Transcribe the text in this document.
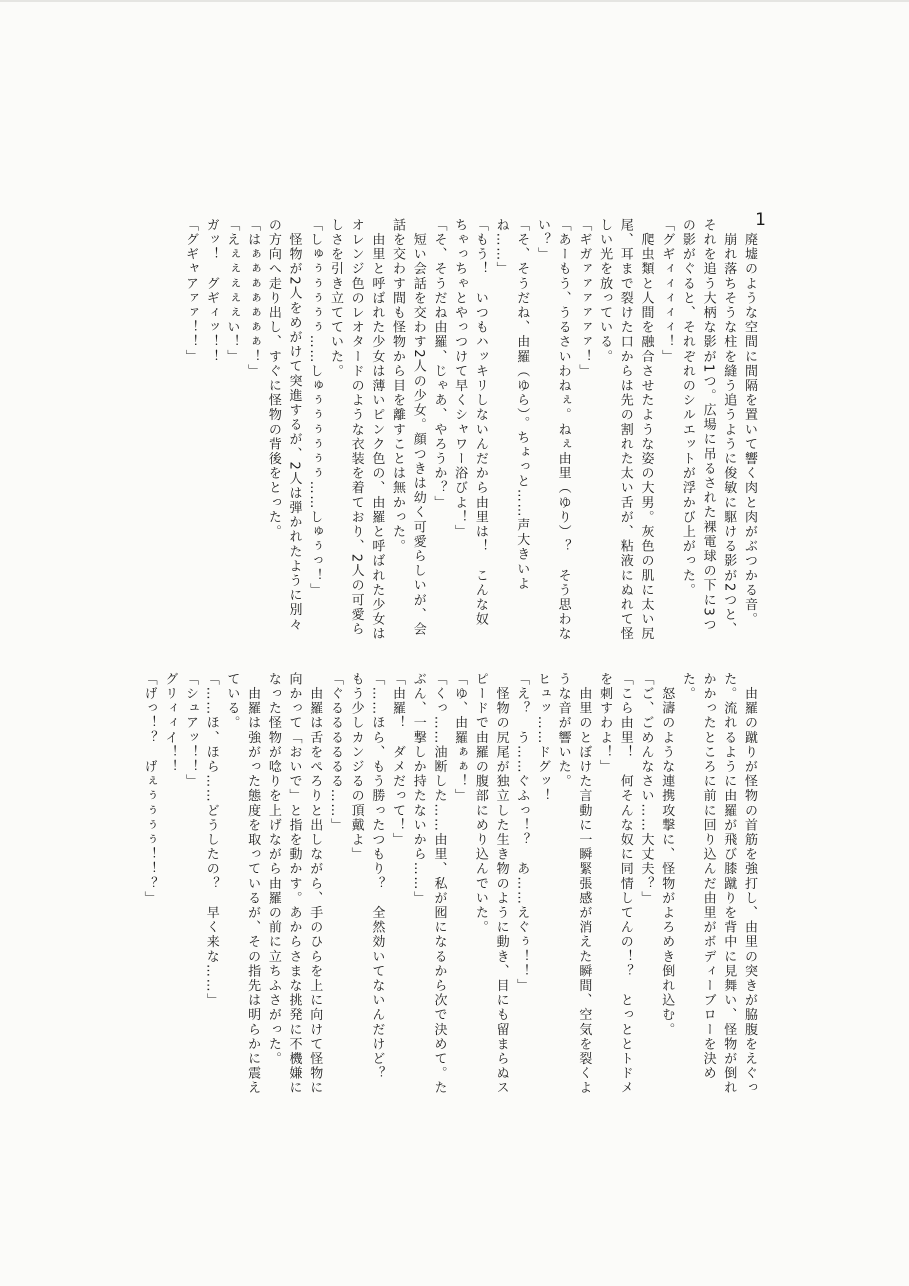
1
　廃墟のような空間に間隔を置いて響く肉と肉がぶつかる音。
　崩れ落ちそうな柱を縫う追うように俊敏に駆ける影が2つと、
それを追う大柄な影が1つ。広場に吊るされた裸電球の下に3つ
の影がぐると、それぞれのシルエットが浮かび上がった。
「グギィィィィィ！」
　爬虫類と人間を融合させたような姿の大男。灰色の肌に太い尻
尾、耳まで裂けた口からは先の割れた太い舌が、粘液にぬれて怪
しい光を放っている。
「ギガァァァァァァ！」
「あーもう、うるさいわねぇ。ねぇ由里（ゆり）？　そう思わな
い？」
「そ、そうだね、由羅（ゆら）。ちょっと……声大きいよ
ね……」
「もう！　いつもハッキリしないんだから由里は！　こんな奴
ちゃっちゃとやっつけて早くシャワー浴びよ！」
「そ、そうだね由羅、じゃあ、やろうか？」
　短い会話を交わす2人の少女。顔つきは幼く可愛らしいが、会
話を交わす間も怪物から目を離すことは無かった。
　由里と呼ばれた少女は薄いピンク色の、由羅と呼ばれた少女は
オレンジ色のレオタードのような衣装を着ており、2人の可愛ら
しさを引き立てていた。
「しゅぅぅぅぅぅ……しゅぅぅぅぅぅぅ……しゅぅっ！」
　怪物が2人をめがけて突進するが、2人は弾かれたように別々
の方向へ走り出し、すぐに怪物の背後をとった。
「はぁぁぁぁぁぁぁ！」
「えぇぇぇぇぇい！」
ガッ！　グギィッ！！
「グギャアァァ！！」
　由羅の蹴りが怪物の首筋を強打し、由里の突きが脇腹をえぐっ
た。流れるように由羅が飛び膝蹴りを背中に見舞い、怪物が倒れ
かかったところに前に回り込んだ由里がボディーブローを決め
た。
　怒濤のような連携攻撃に、怪物がよろめき倒れ込む。
「ご、ごめんなさい……大丈夫？」
「こら由里！　何そんな奴に同情してんの！？　とっととトドメ
を刺すわよ！」
　由里のとぼけた言動に一瞬緊張感が消えた瞬間、空気を裂くよ
うな音が響いた。
ヒュッ……ドグッ！
「え？　う……ぐふっ！？　あ……えぐぅ！！」
　怪物の尻尾が独立した生き物のように動き、目にも留まらぬス
ピードで由羅の腹部にめり込んでいた。
「ゆ、由羅ぁぁ！」
「くっ……油断した……由里、私が囮になるから次で決めて。た
ぶん、一撃しか持たないから……」
「由羅！　ダメだって！」
「……ほら、もう勝ったつもり？　全然効いてないんだけど？
もう少しカンジるの頂戴よ」
「ぐるるるるるる……」
　由羅は舌をぺろりと出しながら、手のひらを上に向けて怪物に
向かって「おいで」と指を動かす。あからさまな挑発に不機嫌に
なった怪物が唸りを上げながら由羅の前に立ちふさがった。
　由羅は強がった態度を取っているが、その指先は明らかに震え
ている。
「……ほ、ほら……どうしたの？　早く来な……」
「シュアッ！！」
グリィィイ！！
「げっ！？　げぇぅぅぅぅ！！？」
